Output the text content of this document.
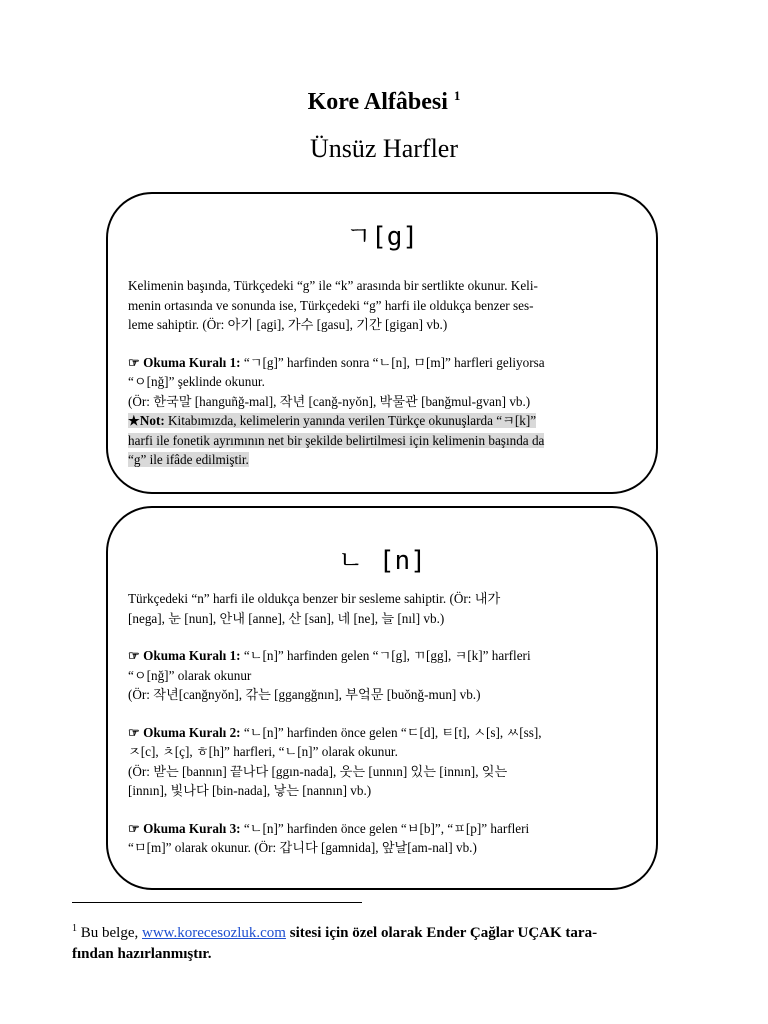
Kore Alfâbesi $^1$
Ünsüz Harfler
ㄱ[g]

Kelimenin başında, Türkçedeki “g” ile “k” arasında bir sertlikte okunur. Keli-

menin ortasında ve sonunda ise, Türkçedeki “g” harfi ile oldukça benzer ses-

leme sahiptir. (Ör: 아기 [agi], 가수 [gasu], 기간 [gigan] vb.)

☞ Okuma Kuralı 1: “ㄱ[g]” harfinden sonra “ㄴ[n], ㅁ[m]” harfleri geliyorsa

“ㅇ[nğ]” şeklinde okunur.

(Ör: 한국말 [hanguñğ-mal], 작년 [canğ-nyŏn], 박물관 [banğmul-gvan] vb.)

★Not: Kitabımızda, kelimelerin yanında verilen Türkçe okunuşlarda “ㅋ[k]”

harfi ile fonetik ayrımının net bir şekilde belirtilmesi için kelimenin başında da

“g” ile ifâde edilmiştir.

ㄴ [n]

Türkçedeki “n” harfi ile oldukça benzer bir sesleme sahiptir. (Ör: 내가

[nega], 눈 [nun], 안내 [anne], 산 [san], 네 [ne], 늘 [nıl] vb.)

☞ Okuma Kuralı 1: “ㄴ[n]” harfinden gelen “ㄱ[g], ㄲ[gg], ㅋ[k]” harfleri

“ㅇ[nğ]” olarak okunur

(Ör: 작년[canğnyŏn], 갂는 [ggangğnın], 부엌문 [buŏnğ-mun] vb.)

☞ Okuma Kuralı 2: “ㄴ[n]” harfinden önce gelen “ㄷ[d], ㅌ[t], ㅅ[s], ㅆ[ss],

ㅈ[c], ㅊ[ç], ㅎ[h]” harfleri, “ㄴ[n]” olarak okunur.

(Ör: 받는 [bannın] 끝나다 [ggın-nada], 웃는 [unnın] 있는 [innın], 잊는

[innın], 빛나다 [bin-nada], 낳는 [nannın] vb.)

☞ Okuma Kuralı 3: “ㄴ[n]” harfinden önce gelen “ㅂ[b]”, “ㅍ[p]” harfleri

“ㅁ[m]” olarak okunur. (Ör: 갑니다 [gamnida], 앞날[am-nal] vb.)

$^1$ Bu belge, www.korecesozluk.com sitesi için özel olarak Ender Çağlar UÇAK tara-
fından hazırlanmıştır.
